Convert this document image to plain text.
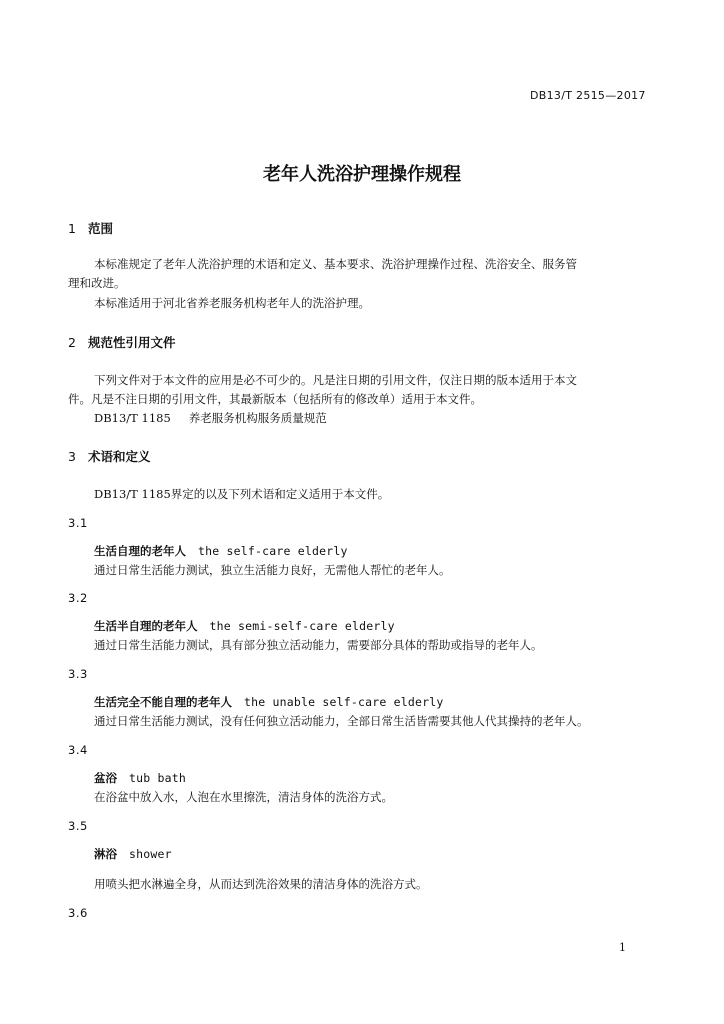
DB13/T 2515—2017
老年人洗浴护理操作规程
1 范围
本标准规定了老年人洗浴护理的术语和定义、基本要求、洗浴护理操作过程、洗浴安全、服务管
理和改进。
本标准适用于河北省养老服务机构老年人的洗浴护理。
2 规范性引用文件
下列文件对于本文件的应用是必不可少的。凡是注日期的引用文件，仅注日期的版本适用于本文
件。凡是不注日期的引用文件，其最新版本（包括所有的修改单）适用于本文件。
DB13/T 1185 养老服务机构服务质量规范
3 术语和定义
DB13/T 1185界定的以及下列术语和定义适用于本文件。
3.1
生活自理的老年人 the self-care elderly
通过日常生活能力测试，独立生活能力良好，无需他人帮忙的老年人。
3.2
生活半自理的老年人 the semi-self-care elderly
通过日常生活能力测试，具有部分独立活动能力，需要部分具体的帮助或指导的老年人。
3.3
生活完全不能自理的老年人 the unable self-care elderly
通过日常生活能力测试，没有任何独立活动能力，全部日常生活皆需要其他人代其操持的老年人。
3.4
盆浴 tub bath
在浴盆中放入水，人泡在水里擦洗，清洁身体的洗浴方式。
3.5
淋浴 shower
用喷头把水淋遍全身，从而达到洗浴效果的清洁身体的洗浴方式。
3.6
1
